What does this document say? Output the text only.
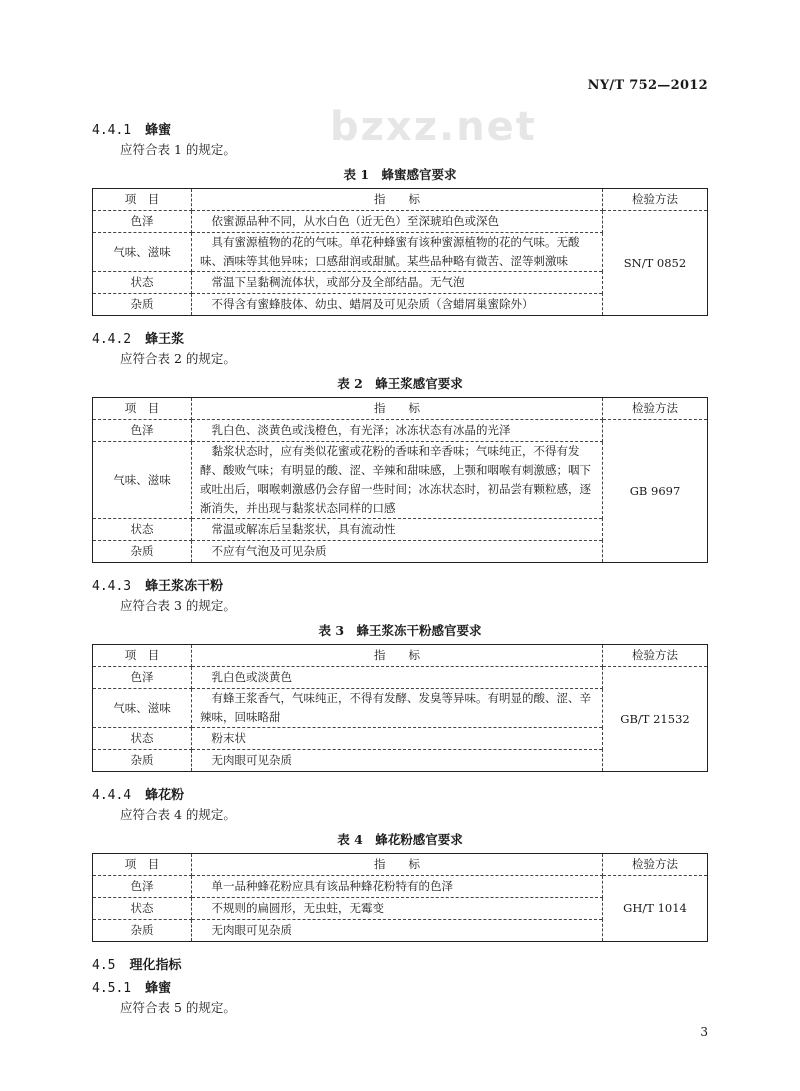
NY/T 752—2012
bzxz.net
4.4.1 蜂蜜
应符合表 1 的规定。
表 1　蜂蜜感官要求
项　目	指　　标	检验方法
色泽	依蜜源品种不同，从水白色（近无色）至深琥珀色或深色	SN/T 0852
气味、滋味	具有蜜源植物的花的气味。单花种蜂蜜有该种蜜源植物的花的气味。无酸味、酒味等其他异味；口感甜润或甜腻。某些品种略有微苦、涩等刺激味	
状态	常温下呈黏稠流体状，或部分及全部结晶。无气泡	
杂质	不得含有蜜蜂肢体、幼虫、蜡屑及可见杂质（含蜡屑巢蜜除外）	
4.4.2 蜂王浆
应符合表 2 的规定。
表 2　蜂王浆感官要求
项　目	指　　标	检验方法
色泽	乳白色、淡黄色或浅橙色，有光泽；冰冻状态有冰晶的光泽	GB 9697
气味、滋味	黏浆状态时，应有类似花蜜或花粉的香味和辛香味；气味纯正，不得有发酵、酸败气味；有明显的酸、涩、辛辣和甜味感，上颚和咽喉有刺激感；咽下或吐出后，咽喉刺激感仍会存留一些时间；冰冻状态时，初品尝有颗粒感，逐渐消失，并出现与黏浆状态同样的口感	
状态	常温或解冻后呈黏浆状，具有流动性	
杂质	不应有气泡及可见杂质	
4.4.3 蜂王浆冻干粉
应符合表 3 的规定。
表 3　蜂王浆冻干粉感官要求
项　目	指　　标	检验方法
色泽	乳白色或淡黄色	GB/T 21532
气味、滋味	有蜂王浆香气，气味纯正，不得有发酵、发臭等异味。有明显的酸、涩、辛辣味，回味略甜	
状态	粉末状	
杂质	无肉眼可见杂质	
4.4.4 蜂花粉
应符合表 4 的规定。
表 4　蜂花粉感官要求
项　目	指　　标	检验方法
色泽	单一品种蜂花粉应具有该品种蜂花粉特有的色泽	GH/T 1014
状态	不规则的扁圆形，无虫蛀，无霉变	
杂质	无肉眼可见杂质	
4.5 理化指标
4.5.1 蜂蜜
应符合表 5 的规定。
3
